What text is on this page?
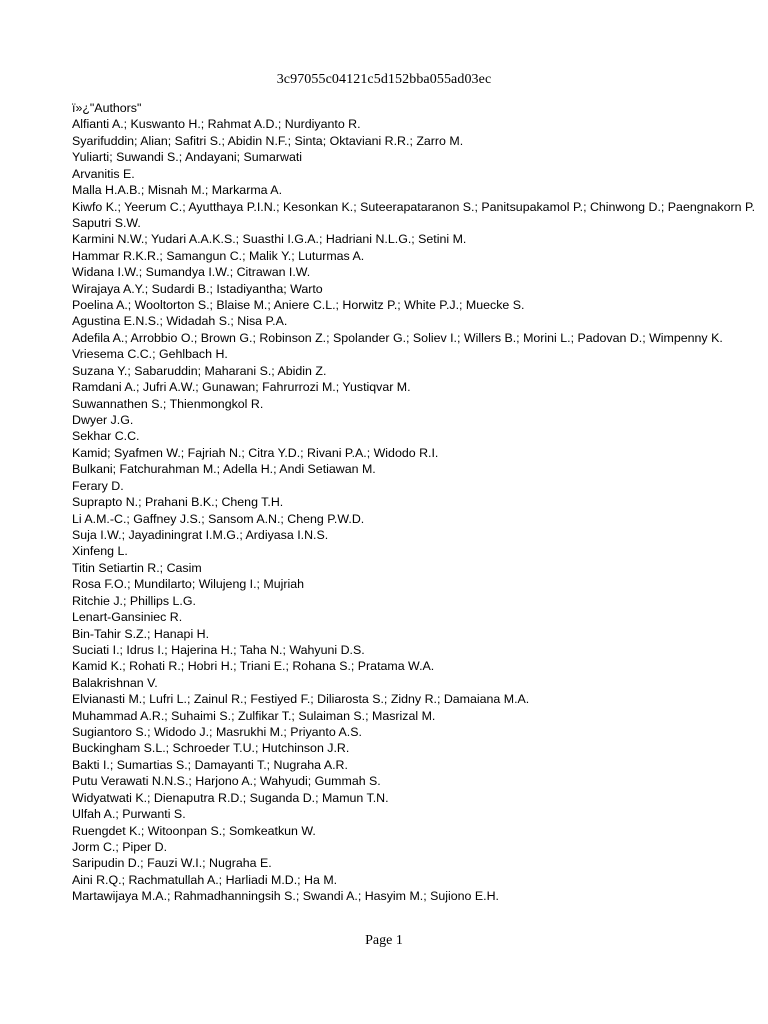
3c97055c04121c5d152bba055ad03ec
ï»¿"Authors"
Alfianti A.; Kuswanto H.; Rahmat A.D.; Nurdiyanto R.
Syarifuddin; Alian; Safitri S.; Abidin N.F.; Sinta; Oktaviani R.R.; Zarro M.
Yuliarti; Suwandi S.; Andayani; Sumarwati
Arvanitis E.
Malla H.A.B.; Misnah M.; Markarma A.
Kiwfo K.; Yeerum C.; Ayutthaya P.I.N.; Kesonkan K.; Suteerapataranon S.; Panitsupakamol P.; Chinwong D.; Paengnakorn P.
Saputri S.W.
Karmini N.W.; Yudari A.A.K.S.; Suasthi I.G.A.; Hadriani N.L.G.; Setini M.
Hammar R.K.R.; Samangun C.; Malik Y.; Luturmas A.
Widana I.W.; Sumandya I.W.; Citrawan I.W.
Wirajaya A.Y.; Sudardi B.; Istadiyantha; Warto
Poelina A.; Wooltorton S.; Blaise M.; Aniere C.L.; Horwitz P.; White P.J.; Muecke S.
Agustina E.N.S.; Widadah S.; Nisa P.A.
Adefila A.; Arrobbio O.; Brown G.; Robinson Z.; Spolander G.; Soliev I.; Willers B.; Morini L.; Padovan D.; Wimpenny K.
Vriesema C.C.; Gehlbach H.
Suzana Y.; Sabaruddin; Maharani S.; Abidin Z.
Ramdani A.; Jufri A.W.; Gunawan; Fahrurrozi M.; Yustiqvar M.
Suwannathen S.; Thienmongkol R.
Dwyer J.G.
Sekhar C.C.
Kamid; Syafmen W.; Fajriah N.; Citra Y.D.; Rivani P.A.; Widodo R.I.
Bulkani; Fatchurahman M.; Adella H.; Andi Setiawan M.
Ferary D.
Suprapto N.; Prahani B.K.; Cheng T.H.
Li A.M.-C.; Gaffney J.S.; Sansom A.N.; Cheng P.W.D.
Suja I.W.; Jayadiningrat I.M.G.; Ardiyasa I.N.S.
Xinfeng L.
Titin Setiartin R.; Casim
Rosa F.O.; Mundilarto; Wilujeng I.; Mujriah
Ritchie J.; Phillips L.G.
Lenart-Gansiniec R.
Bin-Tahir S.Z.; Hanapi H.
Suciati I.; Idrus I.; Hajerina H.; Taha N.; Wahyuni D.S.
Kamid K.; Rohati R.; Hobri H.; Triani E.; Rohana S.; Pratama W.A.
Balakrishnan V.
Elvianasti M.; Lufri L.; Zainul R.; Festiyed F.; Diliarosta S.; Zidny R.; Damaiana M.A.
Muhammad A.R.; Suhaimi S.; Zulfikar T.; Sulaiman S.; Masrizal M.
Sugiantoro S.; Widodo J.; Masrukhi M.; Priyanto A.S.
Buckingham S.L.; Schroeder T.U.; Hutchinson J.R.
Bakti I.; Sumartias S.; Damayanti T.; Nugraha A.R.
Putu Verawati N.N.S.; Harjono A.; Wahyudi; Gummah S.
Widyatwati K.; Dienaputra R.D.; Suganda D.; Mamun T.N.
Ulfah A.; Purwanti S.
Ruengdet K.; Witoonpan S.; Somkeatkun W.
Jorm C.; Piper D.
Saripudin D.; Fauzi W.I.; Nugraha E.
Aini R.Q.; Rachmatullah A.; Harliadi M.D.; Ha M.
Martawijaya M.A.; Rahmadhanningsih S.; Swandi A.; Hasyim M.; Sujiono E.H.
Page 1
